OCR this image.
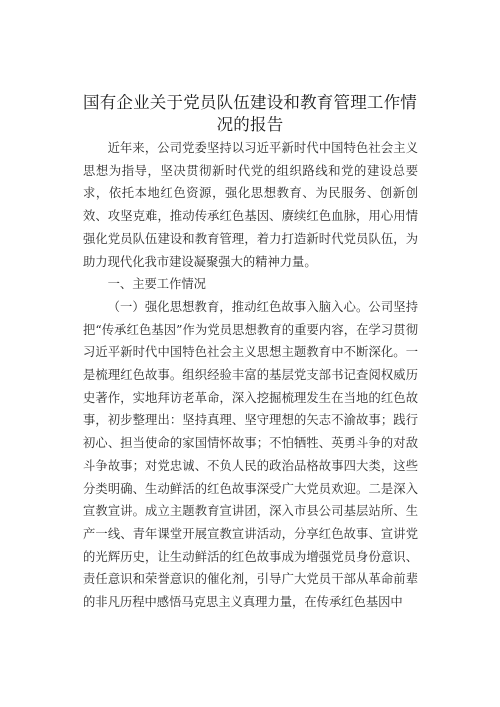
国有企业关于党员队伍建设和教育管理工作情
况的报告

近年来，公司党委坚持以习近平新时代中国特色社会主义思想为指导，坚决贯彻新时代党的组织路线和党的建设总要求，依托本地红色资源，强化思想教育、为民服务、创新创效、攻坚克难，推动传承红色基因、赓续红色血脉，用心用情强化党员队伍建设和教育管理，着力打造新时代党员队伍，为助力现代化我市建设凝聚强大的精神力量。

一、主要工作情况

（一）强化思想教育，推动红色故事入脑入心。公司坚持把“传承红色基因”作为党员思想教育的重要内容，在学习贯彻习近平新时代中国特色社会主义思想主题教育中不断深化。一是梳理红色故事。组织经验丰富的基层党支部书记查阅权威历史著作，实地拜访老革命，深入挖掘梳理发生在当地的红色故事，初步整理出：坚持真理、坚守理想的矢志不渝故事；践行初心、担当使命的家国情怀故事；不怕牺牲、英勇斗争的对敌斗争故事；对党忠诚、不负人民的政治品格故事四大类，这些分类明确、生动鲜活的红色故事深受广大党员欢迎。二是深入宣教宣讲。成立主题教育宣讲团，深入市县公司基层站所、生产一线、青年课堂开展宣教宣讲活动，分享红色故事、宣讲党的光辉历史，让生动鲜活的红色故事成为增强党员身份意识、责任意识和荣誉意识的催化剂，引导广大党员干部从革命前辈的非凡历程中感悟马克思主义真理力量，在传承红色基因中
